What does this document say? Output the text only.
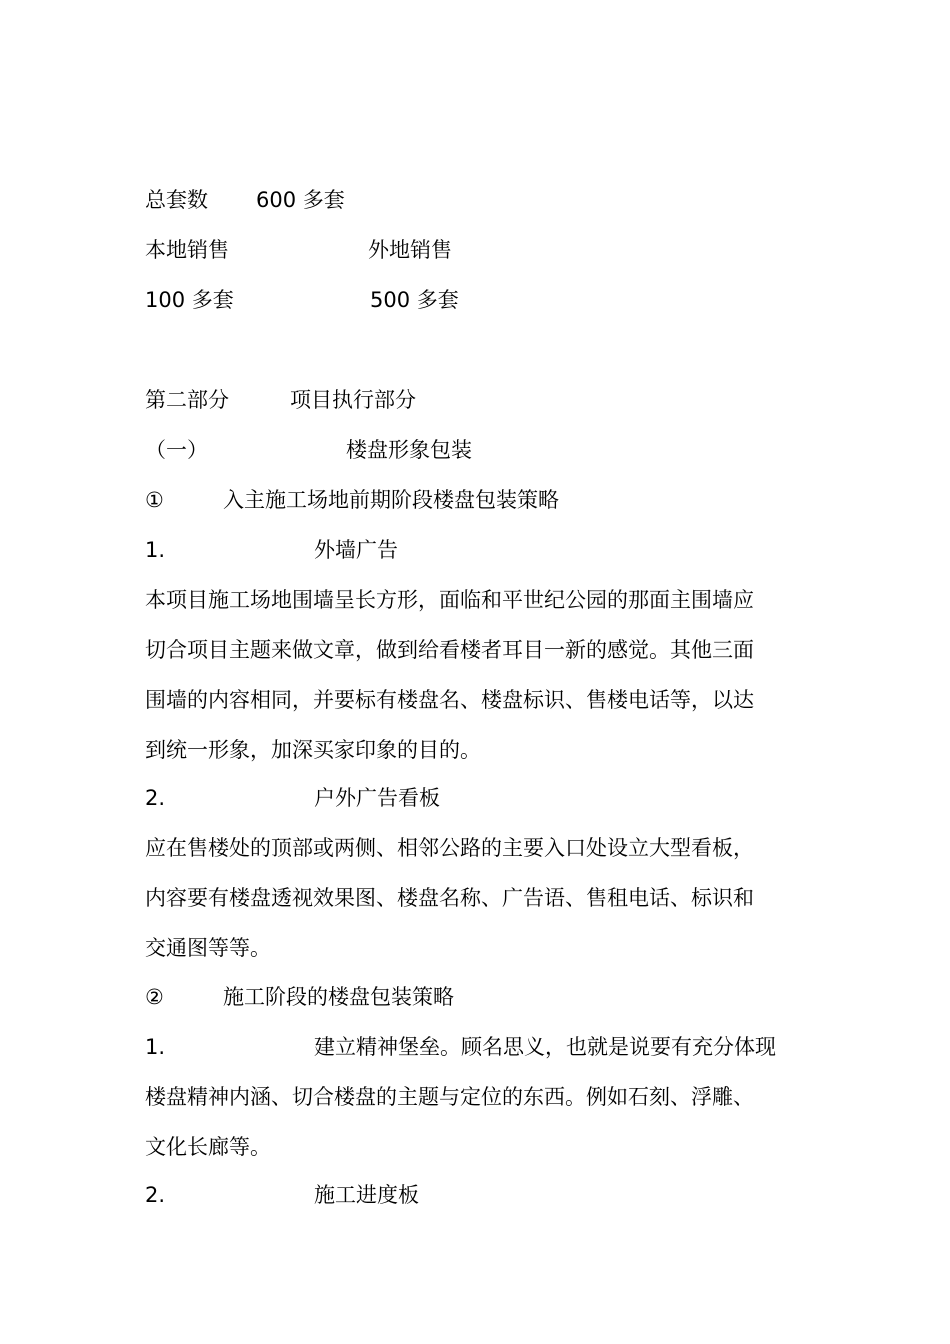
总套数 600 多套
本地销售	外地销售
100 多套	500 多套
第二部分	项目执行部分
（一）	楼盘形象包装
①	入主施工场地前期阶段楼盘包装策略
1.	外墙广告
本项目施工场地围墙呈长方形，面临和平世纪公园的那面主围墙应
切合项目主题来做文章，做到给看楼者耳目一新的感觉。其他三面
围墙的内容相同，并要标有楼盘名、楼盘标识、售楼电话等，以达
到统一形象，加深买家印象的目的。
2.	户外广告看板
应在售楼处的顶部或两侧、相邻公路的主要入口处设立大型看板，
内容要有楼盘透视效果图、楼盘名称、广告语、售租电话、标识和
交通图等等。
②	施工阶段的楼盘包装策略
1.	建立精神堡垒。顾名思义，也就是说要有充分体现
楼盘精神内涵、切合楼盘的主题与定位的东西。例如石刻、浮雕、
文化长廊等。
2.	施工进度板
